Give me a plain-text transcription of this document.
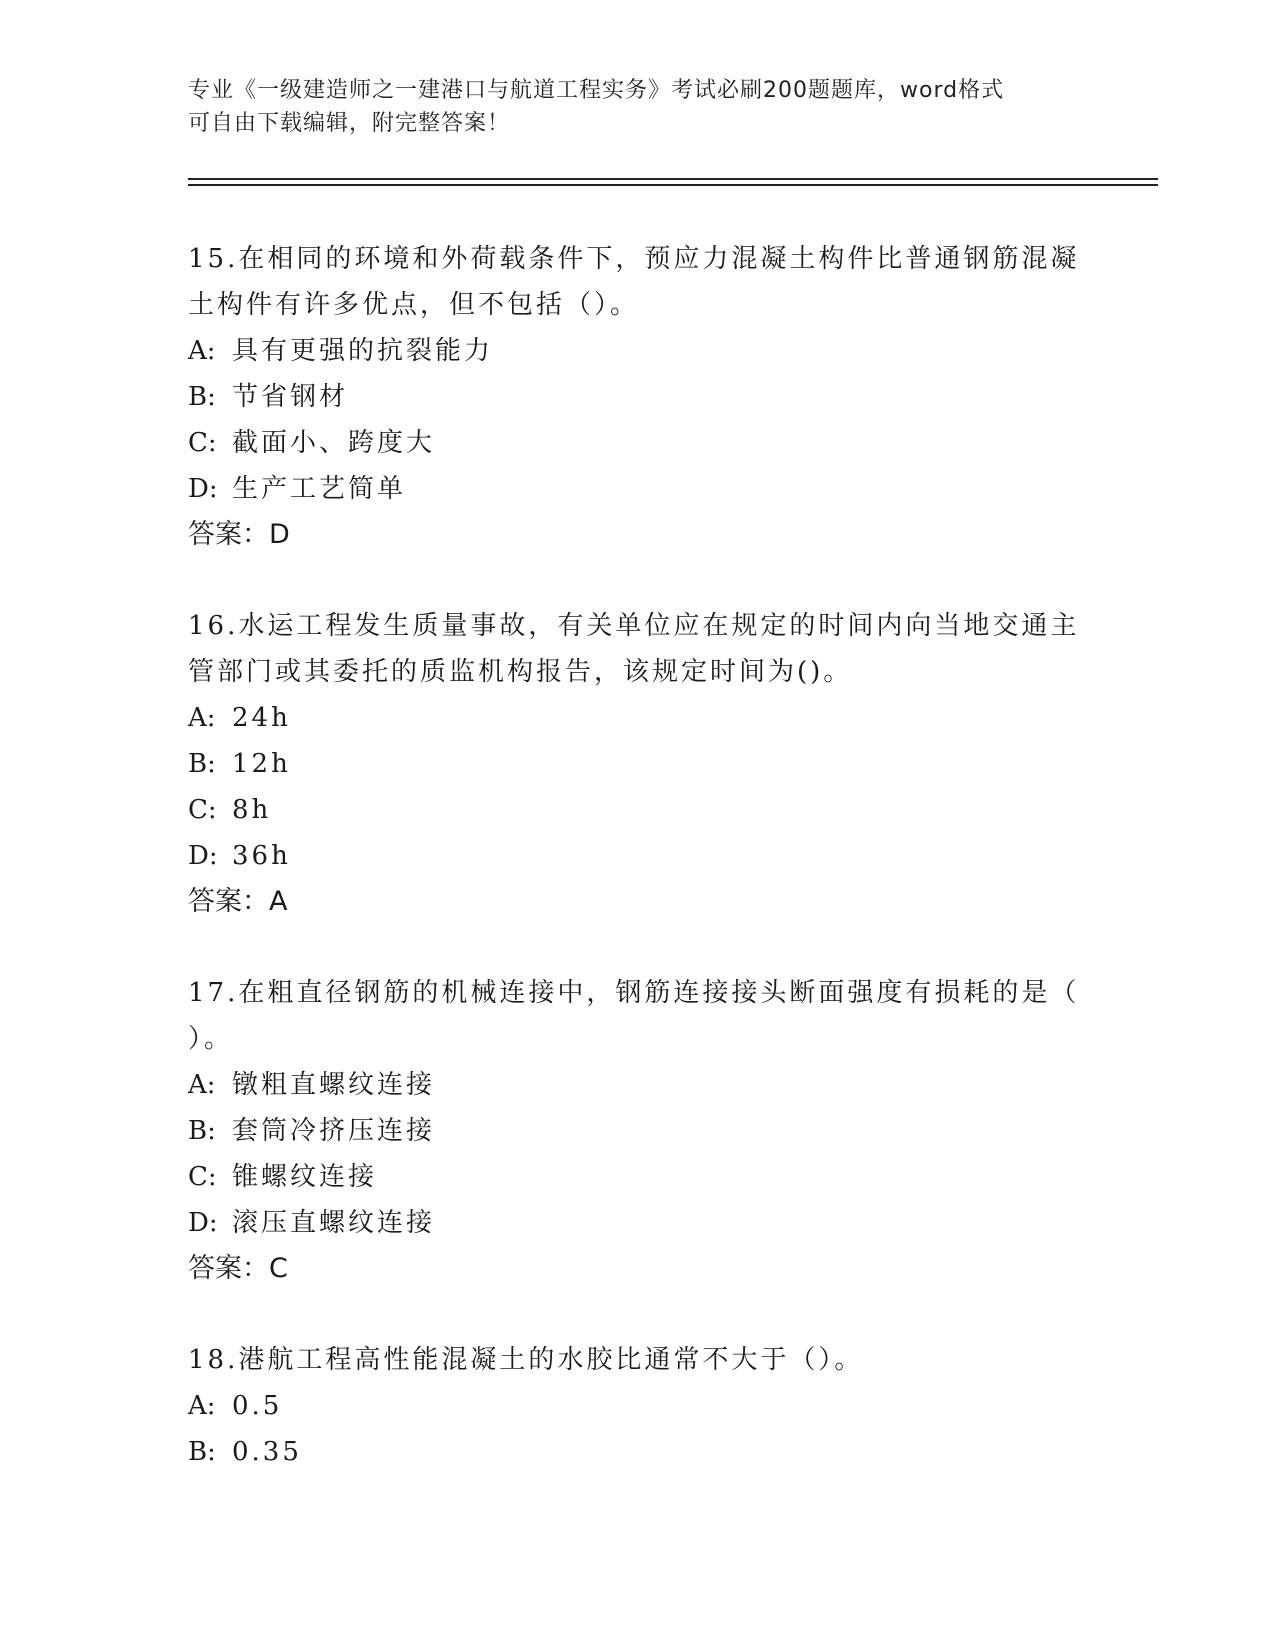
专业《一级建造师之一建港口与航道工程实务》考试必刷200题题库，word格式
可自由下载编辑，附完整答案！
15.在相同的环境和外荷载条件下，预应力混凝土构件比普通钢筋混凝
土构件有许多优点，但不包括（）。
A: 具有更强的抗裂能力
B: 节省钢材
C: 截面小、跨度大
D: 生产工艺简单
答案：D
16.水运工程发生质量事故，有关单位应在规定的时间内向当地交通主
管部门或其委托的质监机构报告，该规定时间为()。
A: 24h
B: 12h
C: 8h
D: 36h
答案：A
17.在粗直径钢筋的机械连接中，钢筋连接接头断面强度有损耗的是（
）。
A: 镦粗直螺纹连接
B: 套筒冷挤压连接
C: 锥螺纹连接
D: 滚压直螺纹连接
答案：C
18.港航工程高性能混凝土的水胶比通常不大于（）。
A: 0.5
B: 0.35
